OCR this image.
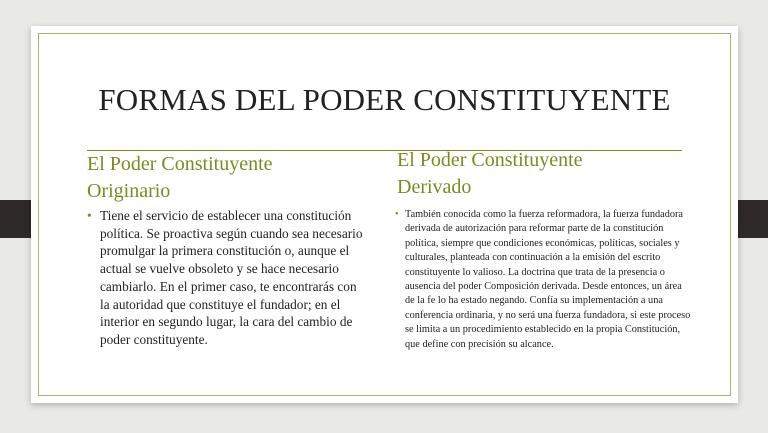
FORMAS DEL PODER CONSTITUYENTE
El Poder Constituyente
Originario
El Poder Constituyente
Derivado
• Tiene el servicio de establecer una constitución política. Se proactiva según cuando sea necesario promulgar la primera constitución o, aunque el actual se vuelve obsoleto y se hace necesario cambiarlo. En el primer caso, te encontrarás con la autoridad que constituye el fundador; en el interior en segundo lugar, la cara del cambio de poder constituyente.
• También conocida como la fuerza reformadora, la fuerza fundadora derivada de autorización para reformar parte de la constitución política, siempre que condiciones económicas, políticas, sociales y culturales, planteada con continuación a la emisión del escrito constituyente lo valioso. La doctrina que trata de la presencia o ausencia del poder Composición derivada. Desde entonces, un área de la fe lo ha estado negando. Confía su implementación a una conferencia ordinaria, y no será una fuerza fundadora, si este proceso se limita a un procedimiento establecido en la propia Constitución, que define con precisión su alcance.
